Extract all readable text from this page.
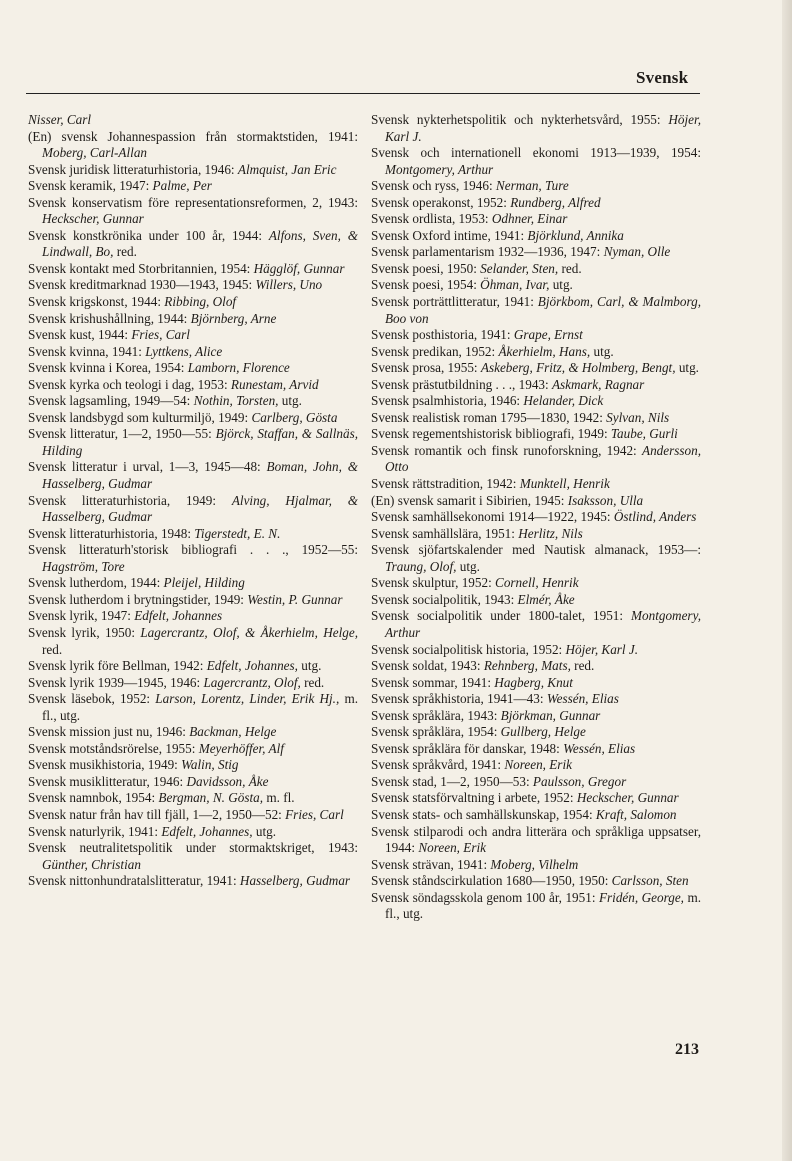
Svensk
Nisser, Carl
(En) svensk Johannespassion från stormaktstiden, 1941: Moberg, Carl-Allan
Svensk juridisk litteraturhistoria, 1946: Almquist, Jan Eric
Svensk keramik, 1947: Palme, Per
Svensk konservatism före representationsreformen, 2, 1943: Heckscher, Gunnar
Svensk konstkrönika under 100 år, 1944: Alfons, Sven, & Lindwall, Bo, red.
Svensk kontakt med Storbritannien, 1954: Hägglöf, Gunnar
Svensk kreditmarknad 1930—1943, 1945: Willers, Uno
Svensk krigskonst, 1944: Ribbing, Olof
Svensk krishushållning, 1944: Björnberg, Arne
Svensk kust, 1944: Fries, Carl
Svensk kvinna, 1941: Lyttkens, Alice
Svensk kvinna i Korea, 1954: Lamborn, Florence
Svensk kyrka och teologi i dag, 1953: Runestam, Arvid
Svensk lagsamling, 1949—54: Nothin, Torsten, utg.
Svensk landsbygd som kulturmiljö, 1949: Carlberg, Gösta
Svensk litteratur, 1—2, 1950—55: Björck, Staffan, & Sallnäs, Hilding
Svensk litteratur i urval, 1—3, 1945—48: Boman, John, & Hasselberg, Gudmar
Svensk litteraturhistoria, 1949: Alving, Hjalmar, & Hasselberg, Gudmar
Svensk litteraturhistoria, 1948: Tigerstedt, E. N.
Svensk litteraturh'storisk bibliografi . . ., 1952—55: Hagström, Tore
Svensk lutherdom, 1944: Pleijel, Hilding
Svensk lutherdom i brytningstider, 1949: Westin, P. Gunnar
Svensk lyrik, 1947: Edfelt, Johannes
Svensk lyrik, 1950: Lagercrantz, Olof, & Åkerhielm, Helge, red.
Svensk lyrik före Bellman, 1942: Edfelt, Johannes, utg.
Svensk lyrik 1939—1945, 1946: Lagercrantz, Olof, red.
Svensk läsebok, 1952: Larson, Lorentz, Linder, Erik Hj., m. fl., utg.
Svensk mission just nu, 1946: Backman, Helge
Svensk motståndsrörelse, 1955: Meyerhöffer, Alf
Svensk musikhistoria, 1949: Walin, Stig
Svensk musiklitteratur, 1946: Davidsson, Åke
Svensk namnbok, 1954: Bergman, N. Gösta, m. fl.
Svensk natur från hav till fjäll, 1—2, 1950—52: Fries, Carl
Svensk naturlyrik, 1941: Edfelt, Johannes, utg.
Svensk neutralitetspolitik under stormaktskriget, 1943: Günther, Christian
Svensk nittonhundratalslitteratur, 1941: Hasselberg, Gudmar
Svensk nykterhetspolitik och nykterhetsvård, 1955: Höjer, Karl J.
Svensk och internationell ekonomi 1913—1939, 1954: Montgomery, Arthur
Svensk och ryss, 1946: Nerman, Ture
Svensk operakonst, 1952: Rundberg, Alfred
Svensk ordlista, 1953: Odhner, Einar
Svensk Oxford intime, 1941: Björklund, Annika
Svensk parlamentarism 1932—1936, 1947: Nyman, Olle
Svensk poesi, 1950: Selander, Sten, red.
Svensk poesi, 1954: Öhman, Ivar, utg.
Svensk porträttlitteratur, 1941: Björkbom, Carl, & Malmborg, Boo von
Svensk posthistoria, 1941: Grape, Ernst
Svensk predikan, 1952: Åkerhielm, Hans, utg.
Svensk prosa, 1955: Askeberg, Fritz, & Holmberg, Bengt, utg.
Svensk prästutbildning . . ., 1943: Askmark, Ragnar
Svensk psalmhistoria, 1946: Helander, Dick
Svensk realistisk roman 1795—1830, 1942: Sylvan, Nils
Svensk regementshistorisk bibliografi, 1949: Taube, Gurli
Svensk romantik och finsk runoforskning, 1942: Andersson, Otto
Svensk rättstradition, 1942: Munktell, Henrik
(En) svensk samarit i Sibirien, 1945: Isaksson, Ulla
Svensk samhällsekonomi 1914—1922, 1945: Östlind, Anders
Svensk samhällslära, 1951: Herlitz, Nils
Svensk sjöfartskalender med Nautisk almanack, 1953—: Traung, Olof, utg.
Svensk skulptur, 1952: Cornell, Henrik
Svensk socialpolitik, 1943: Elmér, Åke
Svensk socialpolitik under 1800-talet, 1951: Montgomery, Arthur
Svensk socialpolitisk historia, 1952: Höjer, Karl J.
Svensk soldat, 1943: Rehnberg, Mats, red.
Svensk sommar, 1941: Hagberg, Knut
Svensk språkhistoria, 1941—43: Wessén, Elias
Svensk språklära, 1943: Björkman, Gunnar
Svensk språklära, 1954: Gullberg, Helge
Svensk språklära för danskar, 1948: Wessén, Elias
Svensk språkvård, 1941: Noreen, Erik
Svensk stad, 1—2, 1950—53: Paulsson, Gregor
Svensk statsförvaltning i arbete, 1952: Heckscher, Gunnar
Svensk stats- och samhällskunskap, 1954: Kraft, Salomon
Svensk stilparodi och andra litterära och språkliga uppsatser, 1944: Noreen, Erik
Svensk strävan, 1941: Moberg, Vilhelm
Svensk ståndscirkulation 1680—1950, 1950: Carlsson, Sten
Svensk söndagsskola genom 100 år, 1951: Fridén, George, m. fl., utg.
213
